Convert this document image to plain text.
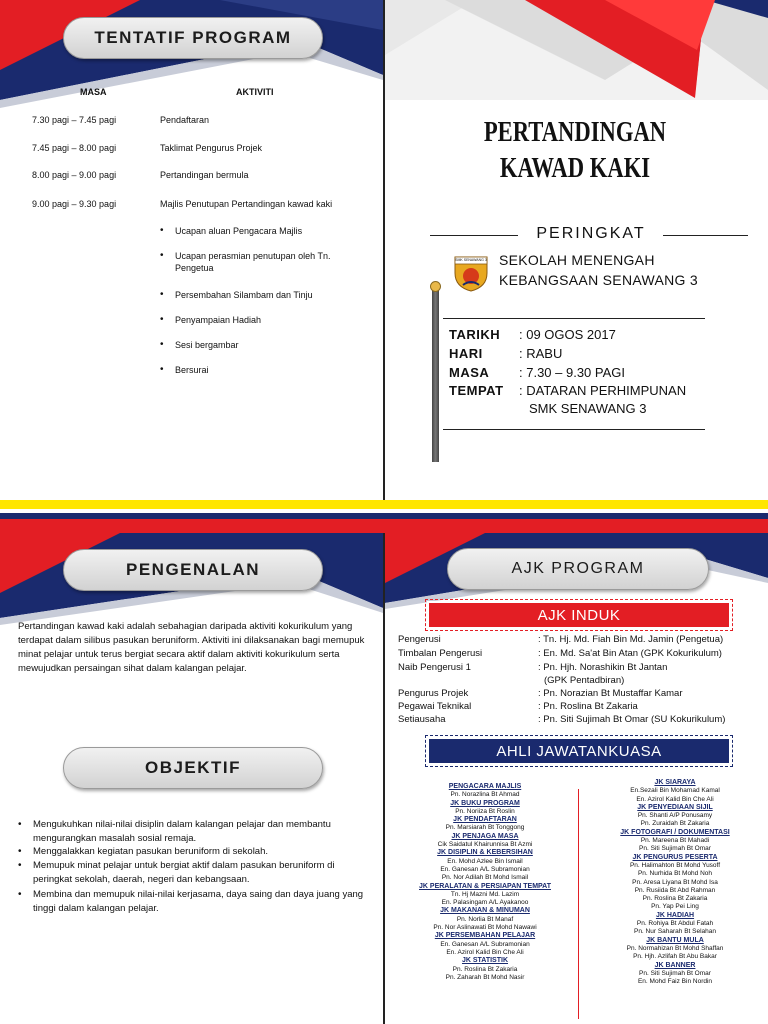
TENTATIF PROGRAM
MASA	AKTIVITI
7.30 pagi – 7.45 pagi	Pendaftaran
7.45 pagi – 8.00 pagi	Taklimat Pengurus Projek
8.00 pagi – 9.00 pagi	Pertandingan bermula
9.00 pagi – 9.30 pagi	Majlis Penutupan Pertandingan kawad kaki
• Ucapan aluan Pengacara Majlis
• Ucapan perasmian penutupan oleh Tn. Pengetua
• Persembahan Silambam dan Tinju
• Penyampaian Hadiah
• Sesi bergambar
• Bersurai
PERTANDINGAN
KAWAD KAKI
PERINGKAT
SMK SENAWANG 3 SEKOLAH MENENGAH
KEBANGSAAN SENAWANG 3
TARIKH : 09 OGOS 2017
HARI	: RABU
MASA : 7.30 – 9.30 PAGI
TEMPAT : DATARAN PERHIMPUNAN
SMK SENAWANG 3
PENGENALAN
Pertandingan kawad kaki adalah sebahagian daripada aktiviti kokurikulum yang terdapat dalam silibus pasukan beruniform. Aktiviti ini dilaksanakan bagi memupuk minat pelajar untuk terus bergiat secara aktif dalam aktiviti kokurikulum serta mewujudkan persaingan sihat dalam kalangan pelajar.
OBJEKTIF
• Mengukuhkan nilai-nilai disiplin dalam kalangan pelajar dan membantu mengurangkan masalah sosial remaja.
• Menggalakkan kegiatan pasukan beruniform di sekolah.
• Memupuk minat pelajar untuk bergiat aktif dalam pasukan beruniform di peringkat sekolah, daerah, negeri dan kebangsaan.
• Membina dan memupuk nilai-nilai kerjasama, daya saing dan daya juang yang tinggi dalam kalangan pelajar.
AJK PROGRAM
AJK INDUK
Pengerusi	: Tn. Hj. Md. Fiah Bin Md. Jamin (Pengetua)
Timbalan Pengerusi	: En. Md. Sa'at Bin Atan (GPK Kokurikulum)
Naib Pengerusi 1	: Pn. Hjh. Norashikin Bt Jantan
(GPK Pentadbiran)
Pengurus Projek	: Pn. Norazian Bt Mustaffar Kamar
Pegawai Teknikal	: Pn. Roslina Bt Zakaria
Setiausaha	: Pn. Siti Sujimah Bt Omar (SU Kokurikulum)
AHLI JAWATANKUASA
PENGACARA MAJLIS
Pn. Norazlina Bt Ahmad
JK BUKU PROGRAM
Pn. Noriiza Bt Roslin
JK PENDAFTARAN
Pn. Marsiarah Bt Tonggong
JK PENJAGA MASA
Cik Saidatul Khairunnisa Bt Azmi
JK DISIPLIN & KEBERSIHAN
En. Mohd Azlee Bin Ismail
En. Ganesan A/L Subramonian
Pn. Nor Adilah Bt Mohd Ismail
JK PERALATAN & PERSIAPAN TEMPAT
Tn. Hj Mazni Md. Lazim
En. Palasingam A/L Ayakanoo
JK MAKANAN & MINUMAN
Pn. Norlia Bt Manaf
Pn. Nor Aslinawati Bt Mohd Nawawi
JK PERSEMBAHAN PELAJAR
En. Ganesan A/L Subramonian
En. Azirol Kalid Bin Che Ali
JK STATISTIK
Pn. Roslina Bt Zakaria
Pn. Zaharah Bt Mohd Nasir
JK SIARAYA
En.Sezali Bin Mohamad Kamal
En. Azirol Kalid Bin Che Ali
JK PENYEDIAAN SIJIL
Pn. Shanti A/P Ponusamy
Pn. Zuraidah Bt Zakaria
JK FOTOGRAFI / DOKUMENTASI
Pn. Mareena Bt Mahadi
Pn. Siti Sujimah Bt Omar
JK PENGURUS PESERTA
Pn. Halimahton Bt Mohd Yusoff
Pn. Nurhida Bt Mohd Noh
Pn. Aresa Liyana Bt Mohd Isa
Pn. Rusiida Bt Abd Rahman
Pn. Roslina Bt Zakaria
Pn. Yap Pei Ling
JK HADIAH
Pn. Rohiya Bt Abdul Fatah
Pn. Nur Saharah Bt Selahan
JK BANTU MULA
Pn. Normahizan Bt Mohd Shaffan
Pn. Hjh. Azlifah Bt Abu Bakar
JK BANNER
Pn. Siti Sujimah Bt Omar
En. Mohd Faiz Bin Nordin
